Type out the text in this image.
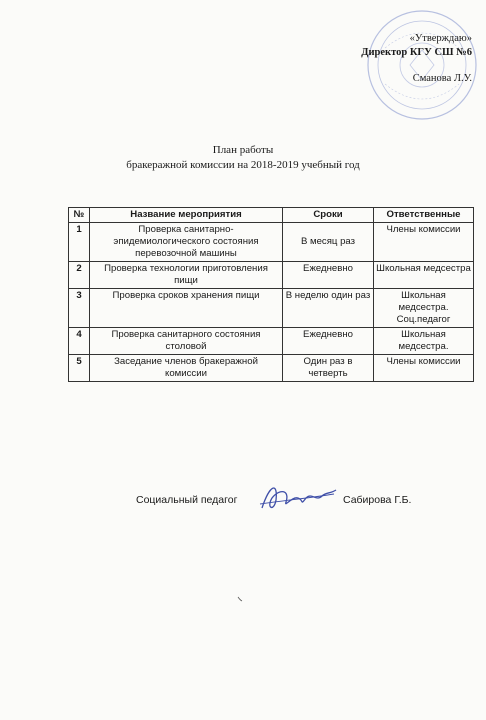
«Утверждаю»
Директор КГУ СШ №6
Сманова Л.У.
План работы
бракеражной комиссии на 2018-2019 учебный год
№	Название мероприятия	Сроки	Ответственные
1	Проверка санитарно-эпидемиологического состояния перевозочной машины	В месяц раз	Члены комиссии
2	Проверка технологии приготовления пищи	Ежедневно	Школьная медсестра
3	Проверка сроков хранения пищи	В неделю один раз	Школьная медсестра. Соц.педагог
4	Проверка санитарного состояния столовой	Ежедневно	Школьная медсестра.
5	Заседание членов бракеражной комиссии	Один раз в четверть	Члены комиссии
Социальный педагог	Сабирова Г.Б.
